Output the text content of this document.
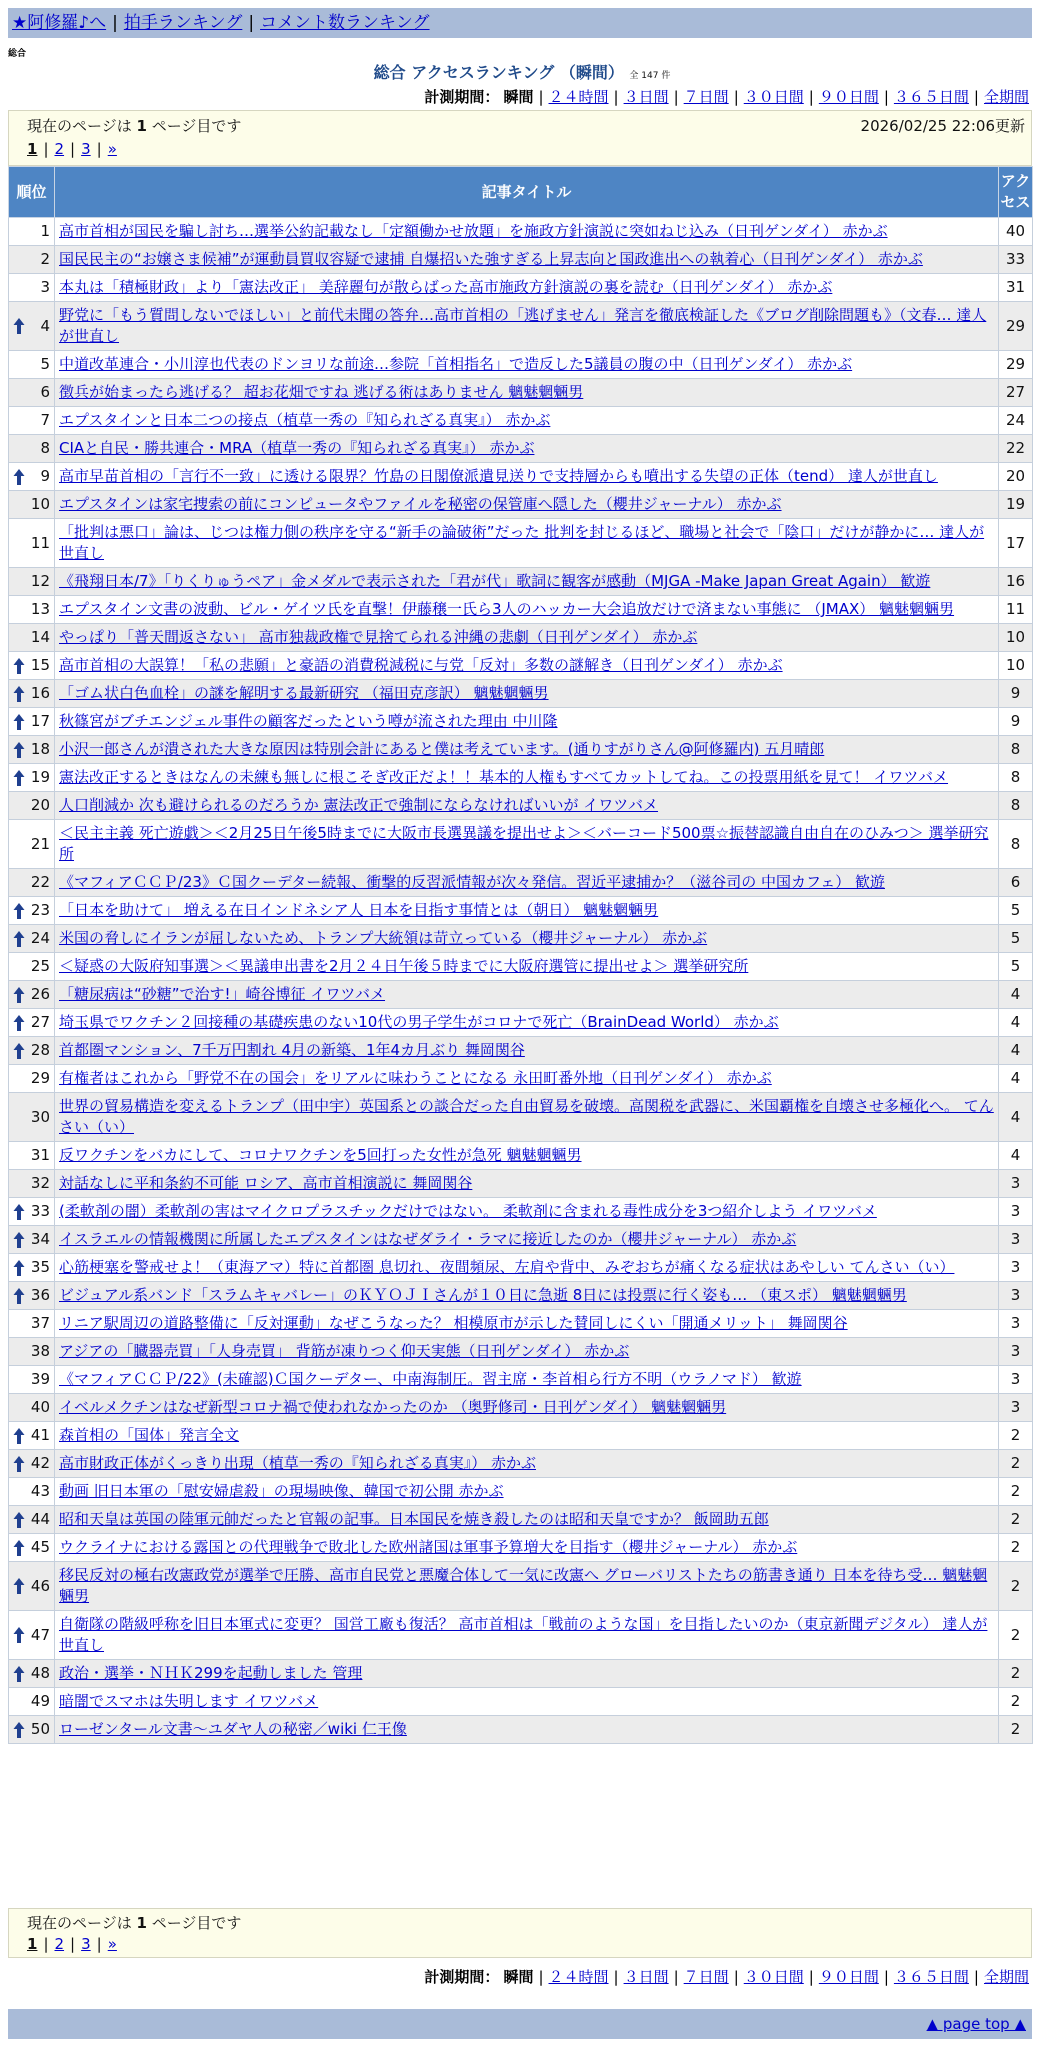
★阿修羅♪へ | 拍手ランキング | コメント数ランキング
総合
総合 アクセスランキング （瞬間） 全 147 件
計測期間： 瞬間 | ２４時間 | ３日間 | ７日間 | ３０日間 | ９０日間 | ３６５日間 | 全期間
現在のページは 1 ページ目です	2026/02/25 22:06更新
1 | 2 | 3 | »
順位	記事タイトル	アクセス
1	高市首相が国民を騙し討ち…選挙公約記載なし「定額働かせ放題」を施政方針演説に突如ねじ込み（日刊ゲンダイ） 赤かぶ	40
2	国民民主の“お嬢さま候補”が運動員買収容疑で逮捕 自爆招いた強すぎる上昇志向と国政進出への執着心（日刊ゲンダイ） 赤かぶ	33
3	本丸は「積極財政」より「憲法改正」 美辞麗句が散らばった高市施政方針演説の裏を読む（日刊ゲンダイ） 赤かぶ	31

4	野党に「もう質問しないでほしい」と前代未聞の答弁…高市首相の「逃げません」発言を徹底検証した《ブログ削除問題も》（文春… 達人が世直し	29
5	中道改革連合・小川淳也代表のドンヨリな前途…参院「首相指名」で造反した5議員の腹の中（日刊ゲンダイ） 赤かぶ	29
6	徴兵が始まったら逃げる？ 超お花畑ですね 逃げる術はありません 魑魅魍魎男	27
7	エプスタインと日本二つの接点（植草一秀の『知られざる真実』） 赤かぶ	24
8	CIAと自民・勝共連合・MRA（植草一秀の『知られざる真実』） 赤かぶ	22

9	高市早苗首相の「言行不一致」に透ける限界？竹島の日閣僚派遣見送りで支持層からも噴出する失望の正体（tend） 達人が世直し	20
10	エプスタインは家宅捜索の前にコンピュータやファイルを秘密の保管庫へ隠した（櫻井ジャーナル） 赤かぶ	19
11	「批判は悪口」論は、じつは権力側の秩序を守る“新手の論破術”だった 批判を封じるほど、職場と社会で「陰口」だけが静かに… 達人が世直し	17
12	《飛翔日本/7》「りくりゅうペア」金メダルで表示された「君が代」歌詞に観客が感動（MJGA -Make Japan Great Again） 歓遊	16
13	エプスタイン文書の波動、ビル・ゲイツ氏を直撃！伊藤穣一氏ら3人のハッカー大会追放だけで済まない事態に （JMAX） 魑魅魍魎男	11
14	やっぱり「普天間返さない」 高市独裁政権で見捨てられる沖縄の悲劇（日刊ゲンダイ） 赤かぶ	10

15	高市首相の大誤算！「私の悲願」と豪語の消費税減税に与党「反対」多数の謎解き（日刊ゲンダイ） 赤かぶ	10

16	「ゴム状白色血栓」の謎を解明する最新研究 （福田克彦訳） 魑魅魍魎男	9

17	秋篠宮がブチエンジェル事件の顧客だったという噂が流された理由 中川隆	9

18	小沢一郎さんが潰された大きな原因は特別会計にあると僕は考えています。(通りすがりさん@阿修羅内) 五月晴郎	8

19	憲法改正するときはなんの未練も無しに根こそぎ改正だよ！！基本的人権もすべてカットしてね。この投票用紙を見て！ イワツバメ	8
20	人口削減か 次も避けられるのだろうか 憲法改正で強制にならなければいいが イワツバメ	8
21	＜民主主義 死亡遊戯＞＜2月25日午後5時までに大阪市長選異議を提出せよ＞＜バーコード500票☆振替認識自由自在のひみつ＞ 選挙研究所	8
22	《マフィアＣＣＰ/23》Ｃ国クーデター続報、衝撃的反習派情報が次々発信。習近平逮捕か？（滋谷司の 中国カフェ） 歓遊	6

23	「日本を助けて」 増える在日インドネシア人 日本を目指す事情とは（朝日） 魑魅魍魎男	5

24	米国の脅しにイランが屈しないため、トランプ大統領は苛立っている（櫻井ジャーナル） 赤かぶ	5
25	＜疑惑の大阪府知事選＞＜異議申出書を2月２４日午後５時までに大阪府選管に提出せよ＞ 選挙研究所	5

26	「糖尿病は“砂糖”で治す!」崎谷博征 イワツバメ	4

27	埼玉県でワクチン２回接種の基礎疾患のない10代の男子学生がコロナで死亡（BrainDead World） 赤かぶ	4

28	首都圏マンション、7千万円割れ 4月の新築、1年4カ月ぶり 舞岡関谷	4
29	有権者はこれから「野党不在の国会」をリアルに味わうことになる 永田町番外地（日刊ゲンダイ） 赤かぶ	4
30	世界の貿易構造を変えるトランプ（田中宇）英国系との談合だった自由貿易を破壊。高関税を武器に、米国覇権を自壊させ多極化へ。 てんさい（い）	4
31	反ワクチンをバカにして、コロナワクチンを5回打った女性が急死 魑魅魍魎男	4
32	対話なしに平和条約不可能 ロシア、高市首相演説に 舞岡関谷	3

33	(柔軟剤の闇）柔軟剤の害はマイクロプラスチックだけではない。 柔軟剤に含まれる毒性成分を3つ紹介しよう イワツバメ	3

34	イスラエルの情報機関に所属したエプスタインはなぜダライ・ラマに接近したのか（櫻井ジャーナル） 赤かぶ	3

35	心筋梗塞を警戒せよ！（東海アマ）特に首都圏 息切れ、夜間頻尿、左肩や背中、みぞおちが痛くなる症状はあやしい てんさい（い）	3

36	ビジュアル系バンド「スラムキャバレー」のＫＹＯＪＩさんが１０日に急逝 8日には投票に行く姿も… （東スポ） 魑魅魍魎男	3
37	リニア駅周辺の道路整備に「反対運動」なぜこうなった？ 相模原市が示した賛同しにくい「開通メリット」 舞岡関谷	3
38	アジアの「臓器売買」「人身売買」 背筋が凍りつく仰天実態（日刊ゲンダイ） 赤かぶ	3
39	《マフィアＣＣＰ/22》(未確認)Ｃ国クーデター、中南海制圧。習主席・李首相ら行方不明（ウラノマド） 歓遊	3
40	イベルメクチンはなぜ新型コロナ禍で使われなかったのか （奥野修司・日刊ゲンダイ） 魑魅魍魎男	3

41	森首相の「国体」発言全文	2

42	高市財政正体がくっきり出現（植草一秀の『知られざる真実』） 赤かぶ	2
43	動画 旧日本軍の「慰安婦虐殺」の現場映像、韓国で初公開 赤かぶ	2

44	昭和天皇は英国の陸軍元帥だったと官報の記事。日本国民を焼き殺したのは昭和天皇ですか？ 飯岡助五郎	2

45	ウクライナにおける露国との代理戦争で敗北した欧州諸国は軍事予算増大を目指す（櫻井ジャーナル） 赤かぶ	2

46	移民反対の極右改憲政党が選挙で圧勝、高市自民党と悪魔合体して一気に改憲へ グローバリストたちの筋書き通り 日本を待ち受… 魑魅魍魎男	2

47	自衛隊の階級呼称を旧日本軍式に変更？ 国営工廠も復活？ 高市首相は「戦前のような国」を目指したいのか（東京新聞デジタル） 達人が世直し	2

48	政治・選挙・ＮＨＫ299を起動しました 管理	2
49	暗闇でスマホは失明します イワツバメ	2

50	ローゼンタール文書～ユダヤ人の秘密／wiki 仁王像	2
現在のページは 1 ページ目です
1 | 2 | 3 | »
計測期間： 瞬間 | ２４時間 | ３日間 | ７日間 | ３０日間 | ９０日間 | ３６５日間 | 全期間
▲ page top ▲
